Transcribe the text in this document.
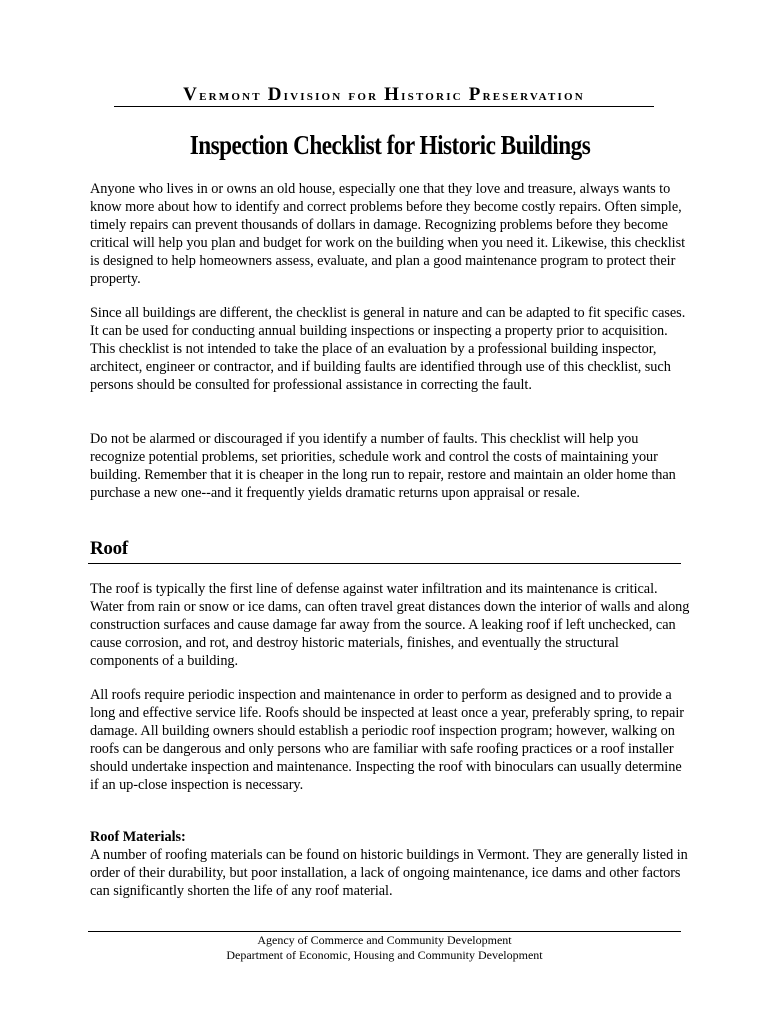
Vermont Division for Historic Preservation
Inspection Checklist for Historic Buildings

Anyone who lives in or owns an old house, especially one that they love and treasure, always wants to know more about how to identify and correct problems before they become costly repairs. Often simple, timely repairs can prevent thousands of dollars in damage. Recognizing problems before they become critical will help you plan and budget for work on the building when you need it. Likewise, this checklist is designed to help homeowners assess, evaluate, and plan a good maintenance program to protect their property.

Since all buildings are different, the checklist is general in nature and can be adapted to fit specific cases. It can be used for conducting annual building inspections or inspecting a property prior to acquisition. This checklist is not intended to take the place of an evaluation by a professional building inspector, architect, engineer or contractor, and if building faults are identified through use of this checklist, such persons should be consulted for professional assistance in correcting the fault.

Do not be alarmed or discouraged if you identify a number of faults. This checklist will help you recognize potential problems, set priorities, schedule work and control the costs of maintaining your building. Remember that it is cheaper in the long run to repair, restore and maintain an older home than purchase a new one--and it frequently yields dramatic returns upon appraisal or resale.

Roof

The roof is typically the first line of defense against water infiltration and its maintenance is critical. Water from rain or snow or ice dams, can often travel great distances down the interior of walls and along construction surfaces and cause damage far away from the source. A leaking roof if left unchecked, can cause corrosion, and rot, and destroy historic materials, finishes, and eventually the structural components of a building.

All roofs require periodic inspection and maintenance in order to perform as designed and to provide a long and effective service life. Roofs should be inspected at least once a year, preferably spring, to repair damage. All building owners should establish a periodic roof inspection program; however, walking on roofs can be dangerous and only persons who are familiar with safe roofing practices or a roof installer should undertake inspection and maintenance. Inspecting the roof with binoculars can usually determine if an up-close inspection is necessary.

Roof Materials:
A number of roofing materials can be found on historic buildings in Vermont. They are generally listed in order of their durability, but poor installation, a lack of ongoing maintenance, ice dams and other factors can significantly shorten the life of any roof material.
Agency of Commerce and Community Development
Department of Economic, Housing and Community Development
